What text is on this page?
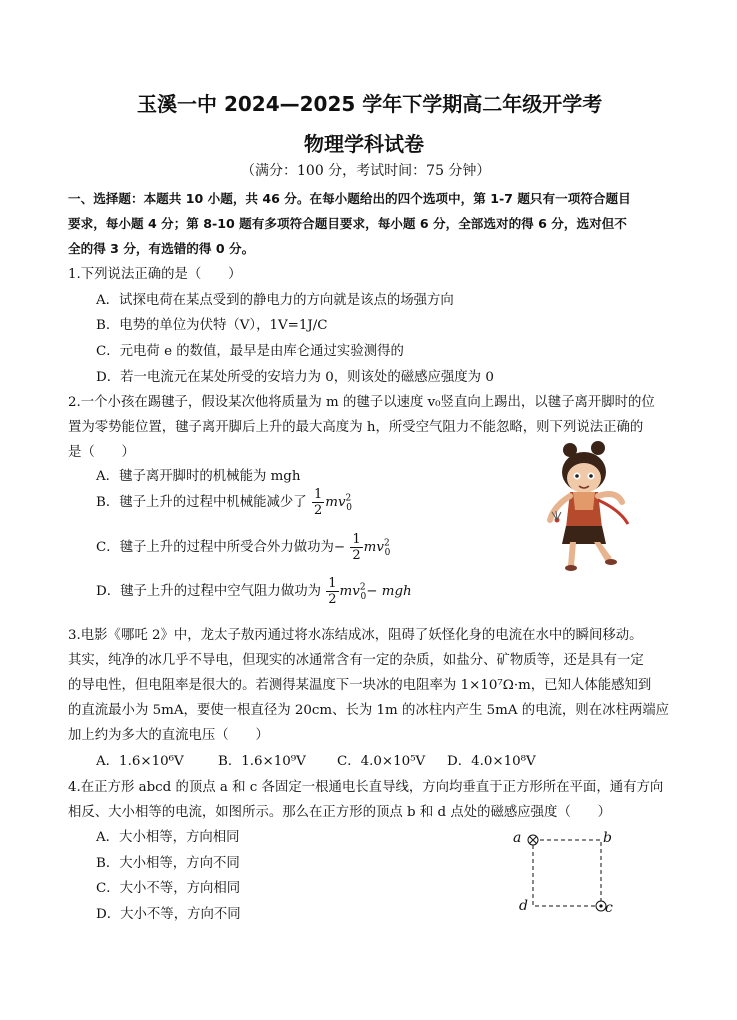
玉溪一中 2024—2025 学年下学期高二年级开学考
物理学科试卷
（满分：100 分，考试时间：75 分钟）
一、选择题：本题共 10 小题，共 46 分。在每小题给出的四个选项中，第 1-7 题只有一项符合题目
要求，每小题 4 分；第 8-10 题有多项符合题目要求，每小题 6 分，全部选对的得 6 分，选对但不
全的得 3 分，有选错的得 0 分。
1.下列说法正确的是（　　）
A．试探电荷在某点受到的静电力的方向就是该点的场强方向
B．电势的单位为伏特（V），1V=1J/C
C．元电荷 e 的数值，最早是由库仑通过实验测得的
D．若一电流元在某处所受的安培力为 0，则该处的磁感应强度为 0
2.一个小孩在踢毽子，假设某次他将质量为 m 的毽子以速度 v₀竖直向上踢出，以毽子离开脚时的位
置为零势能位置，毽子离开脚后上升的最大高度为 h，所受空气阻力不能忽略，则下列说法正确的
是（　　）
A．毽子离开脚时的机械能为 mgh
B．毽子上升的过程中机械能减少了 $\frac{1}{2} mv^2_0$
C．毽子上升的过程中所受合外力做功为− $\frac{1}{2} mv^2_0$
D．毽子上升的过程中空气阻力做功为 $\frac{1}{2} mv^2_0-$ mgh
3.电影《哪吒 2》中，龙太子敖丙通过将水冻结成冰，阻碍了妖怪化身的电流在水中的瞬间移动。
其实，纯净的冰几乎不导电，但现实的冰通常含有一定的杂质，如盐分、矿物质等，还是具有一定
的导电性，但电阻率是很大的。若测得某温度下一块冰的电阻率为 1×10⁷Ω·m，已知人体能感知到
的直流最小为 5mA，要使一根直径为 20cm、长为 1m 的冰柱内产生 5mA 的电流，则在冰柱两端应
加上约为多大的直流电压（　　）
A．1.6×10⁶V	B．1.6×10⁹V C．4.0×10⁵V D．4.0×10⁸V
4.在正方形 abcd 的顶点 a 和 c 各固定一根通电长直导线，方向均垂直于正方形所在平面，通有方向
相反、大小相等的电流，如图所示。那么在正方形的顶点 b 和 d 点处的磁感应强度（　　）
A．大小相等，方向相同
B．大小相等，方向不同
C．大小不等，方向相同
D．大小不等，方向不同
a	b
d	c
